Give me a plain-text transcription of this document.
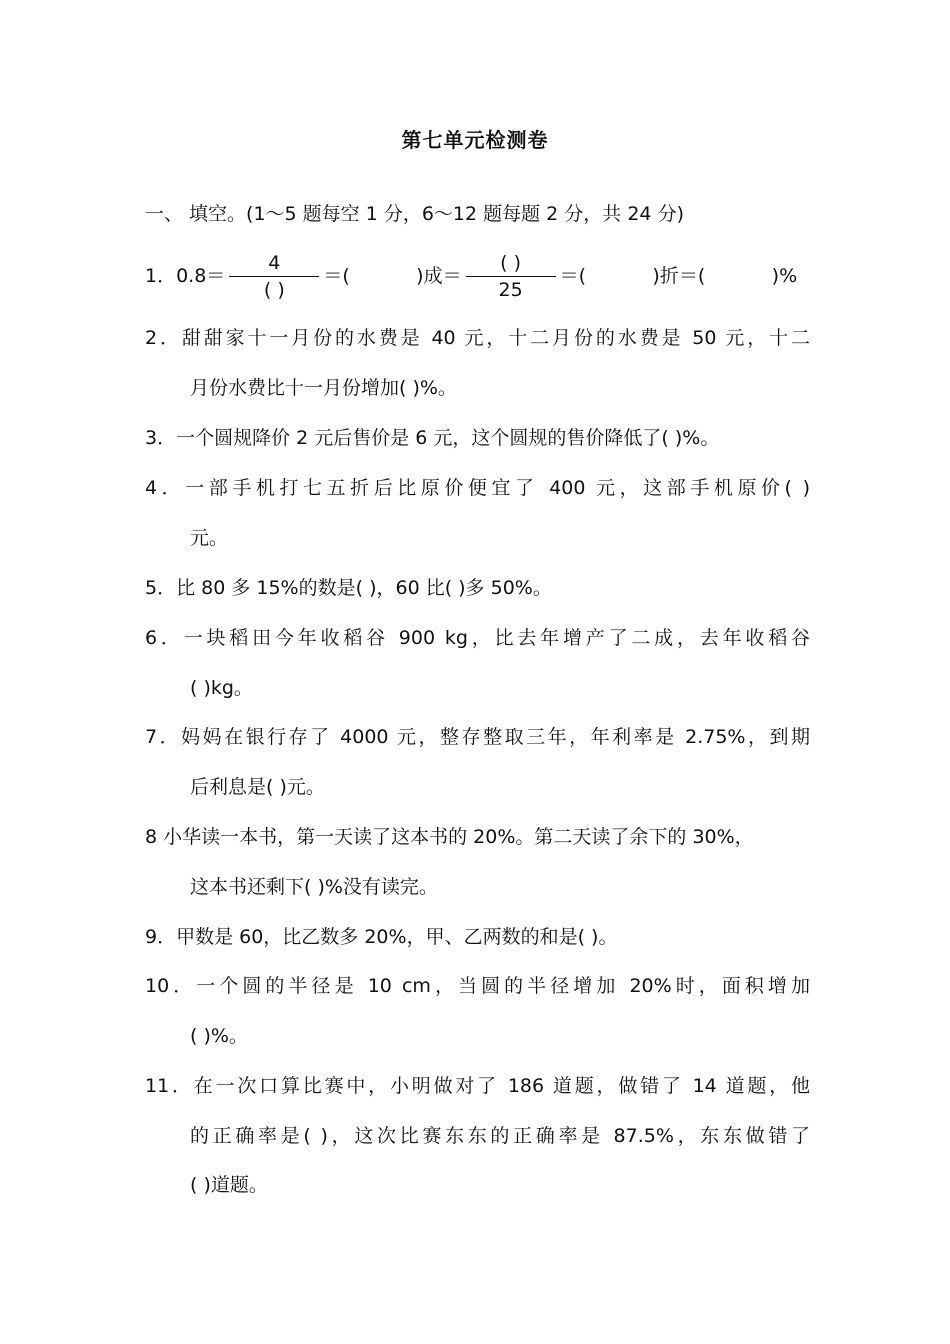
第七单元检测卷
一、 填空。(1～5 题每空 1 分，6～12 题每题 2 分，共 24 分)
1．$0.8= \frac{4}{( )}$ ＝(           )成＝ $\frac{( )}{25}$ ＝(           )折＝(           )%
2．甜甜家十一月份的水费是 40 元，十二月份的水费是 50 元，十二
月份水费比十一月份增加( )%。
3．一个圆规降价 2 元后售价是 6 元，这个圆规的售价降低了( )%。
4．一部手机打七五折后比原价便宜了 400 元，这部手机原价( )
元。
5．比 80 多 15%的数是( )，60 比( )多 50%。
6．一块稻田今年收稻谷 900 kg，比去年增产了二成，去年收稻谷
( )kg。
7．妈妈在银行存了 4000 元，整存整取三年，年利率是 2.75%，到期
后利息是( )元。
8 小华读一本书，第一天读了这本书的 20%。第二天读了余下的 30%，
这本书还剩下( )%没有读完。
9．甲数是 60，比乙数多 20%，甲、乙两数的和是( )。
10．一个圆的半径是 10 cm，当圆的半径增加 20%时，面积增加
( )%。
11．在一次口算比赛中，小明做对了 186 道题，做错了 14 道题，他
的正确率是( )，这次比赛东东的正确率是 87.5%，东东做错了
( )道题。
